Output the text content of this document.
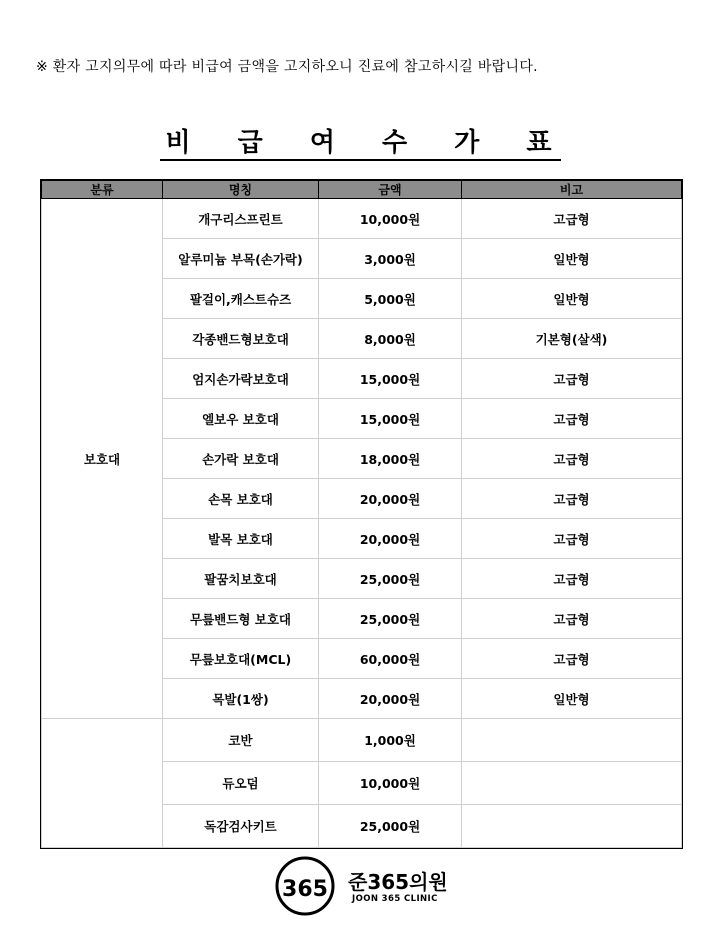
※ 환자 고지의무에 따라 비급여 금액을 고지하오니 진료에 참고하시길 바랍니다.
비 급 여 수 가 표
분류	명칭	금액	비고
보호대	개구리스프린트	10,000원	고급형
	알루미늄 부목(손가락)	3,000원	일반형
	팔걸이,캐스트슈즈	5,000원	일반형
	각종밴드형보호대	8,000원	기본형(살색)
	엄지손가락보호대	15,000원	고급형
	엘보우 보호대	15,000원	고급형
	손가락 보호대	18,000원	고급형
	손목 보호대	20,000원	고급형
	발목 보호대	20,000원	고급형
	팔꿈치보호대	25,000원	고급형
	무릎밴드형 보호대	25,000원	고급형
	무릎보호대(MCL)	60,000원	고급형
	목발(1쌍)	20,000원	일반형
	코반	1,000원	
	듀오덤	10,000원	
	독감검사키트	25,000원	
365 준365의원
JOON 365 CLINIC
